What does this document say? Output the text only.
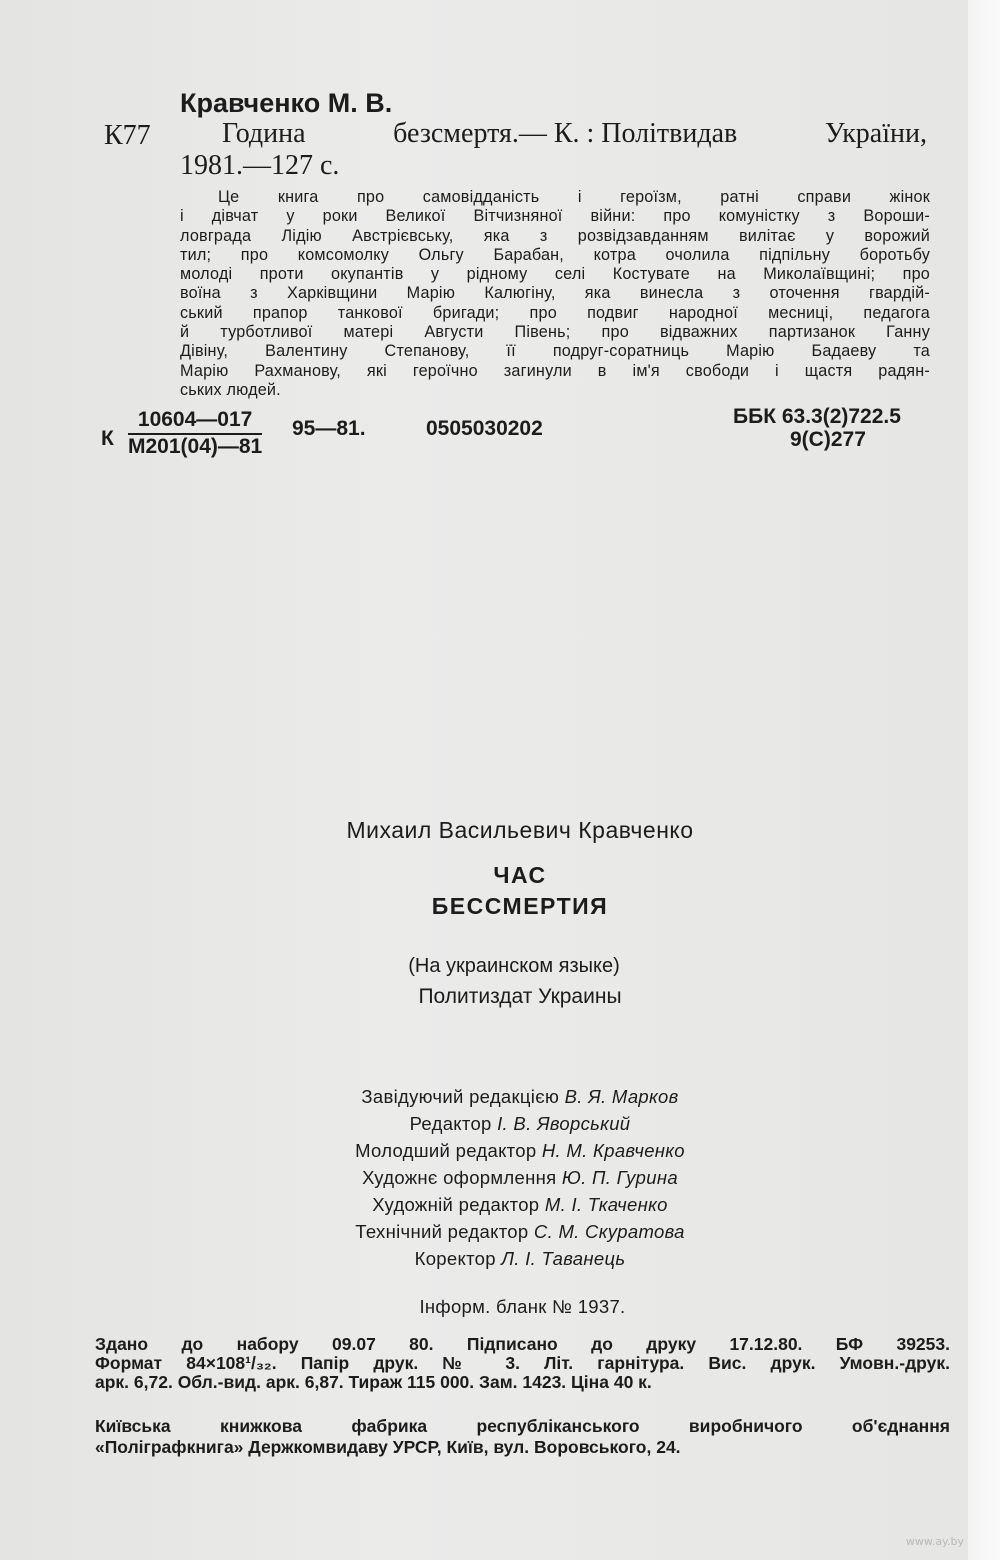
Кравченко М. В.
К77	Година	безсмертя.— К. : Політвидав	України,
1981.—127 с.
Це книга про самовідданість і героїзм, ратні справи жінок
і дівчат у роки Великої Вітчизняної війни: про комуністку з Вороши-
ловграда Лідію Австрієвську, яка з розвідзавданням вилітає у ворожий
тил; про комсомолку Ольгу Барабан, котра очолила підпільну боротьбу
молоді проти окупантів у рідному селі Костувате на Миколаївщині; про
воїна з Харківщини Марію Калюгіну, яка винесла з оточення гвардій-
ський прапор танкової бригади; про подвиг народної месниці, педагога
й турботливої матері Августи Півень; про відважних партизанок Ганну
Дівіну, Валентину Степанову, її подруг-соратниць Марію Бадаеву та
Марію Рахманову, які героїчно загинули в ім'я свободи і щастя радян-
ських людей.
К
10604—017
М201(04)—81
95—81.	0505030202
ББК 63.3(2)722.5
9(С)277
Михаил Васильевич Кравченко
ЧАС
БЕССМЕРТИЯ
(На украинском языке)
Политиздат Украины
Завідуючий редакцією В. Я. Марков
Редактор І. В. Яворський
Молодший редактор Н. М. Кравченко
Художнє оформлення Ю. П. Гурина
Художній редактор М. І. Ткаченко
Технічний редактор С. М. Скуратова
Коректор Л. І. Таванець
Інформ. бланк № 1937.
Здано до набору 09.07 80. Підписано до друку 17.12.80. БФ 39253.
Формат 84×108¹/₃₂. Папір друк. № 3. Літ. гарнітура. Вис. друк. Умовн.-друк.
арк. 6,72. Обл.-вид. арк. 6,87. Тираж 115 000. Зам. 1423. Ціна 40 к.
Київська книжкова фабрика республіканського виробничого об'єднання
«Поліграфкнига» Держкомвидаву УРСР, Київ, вул. Воровського, 24.
www.ay.by
